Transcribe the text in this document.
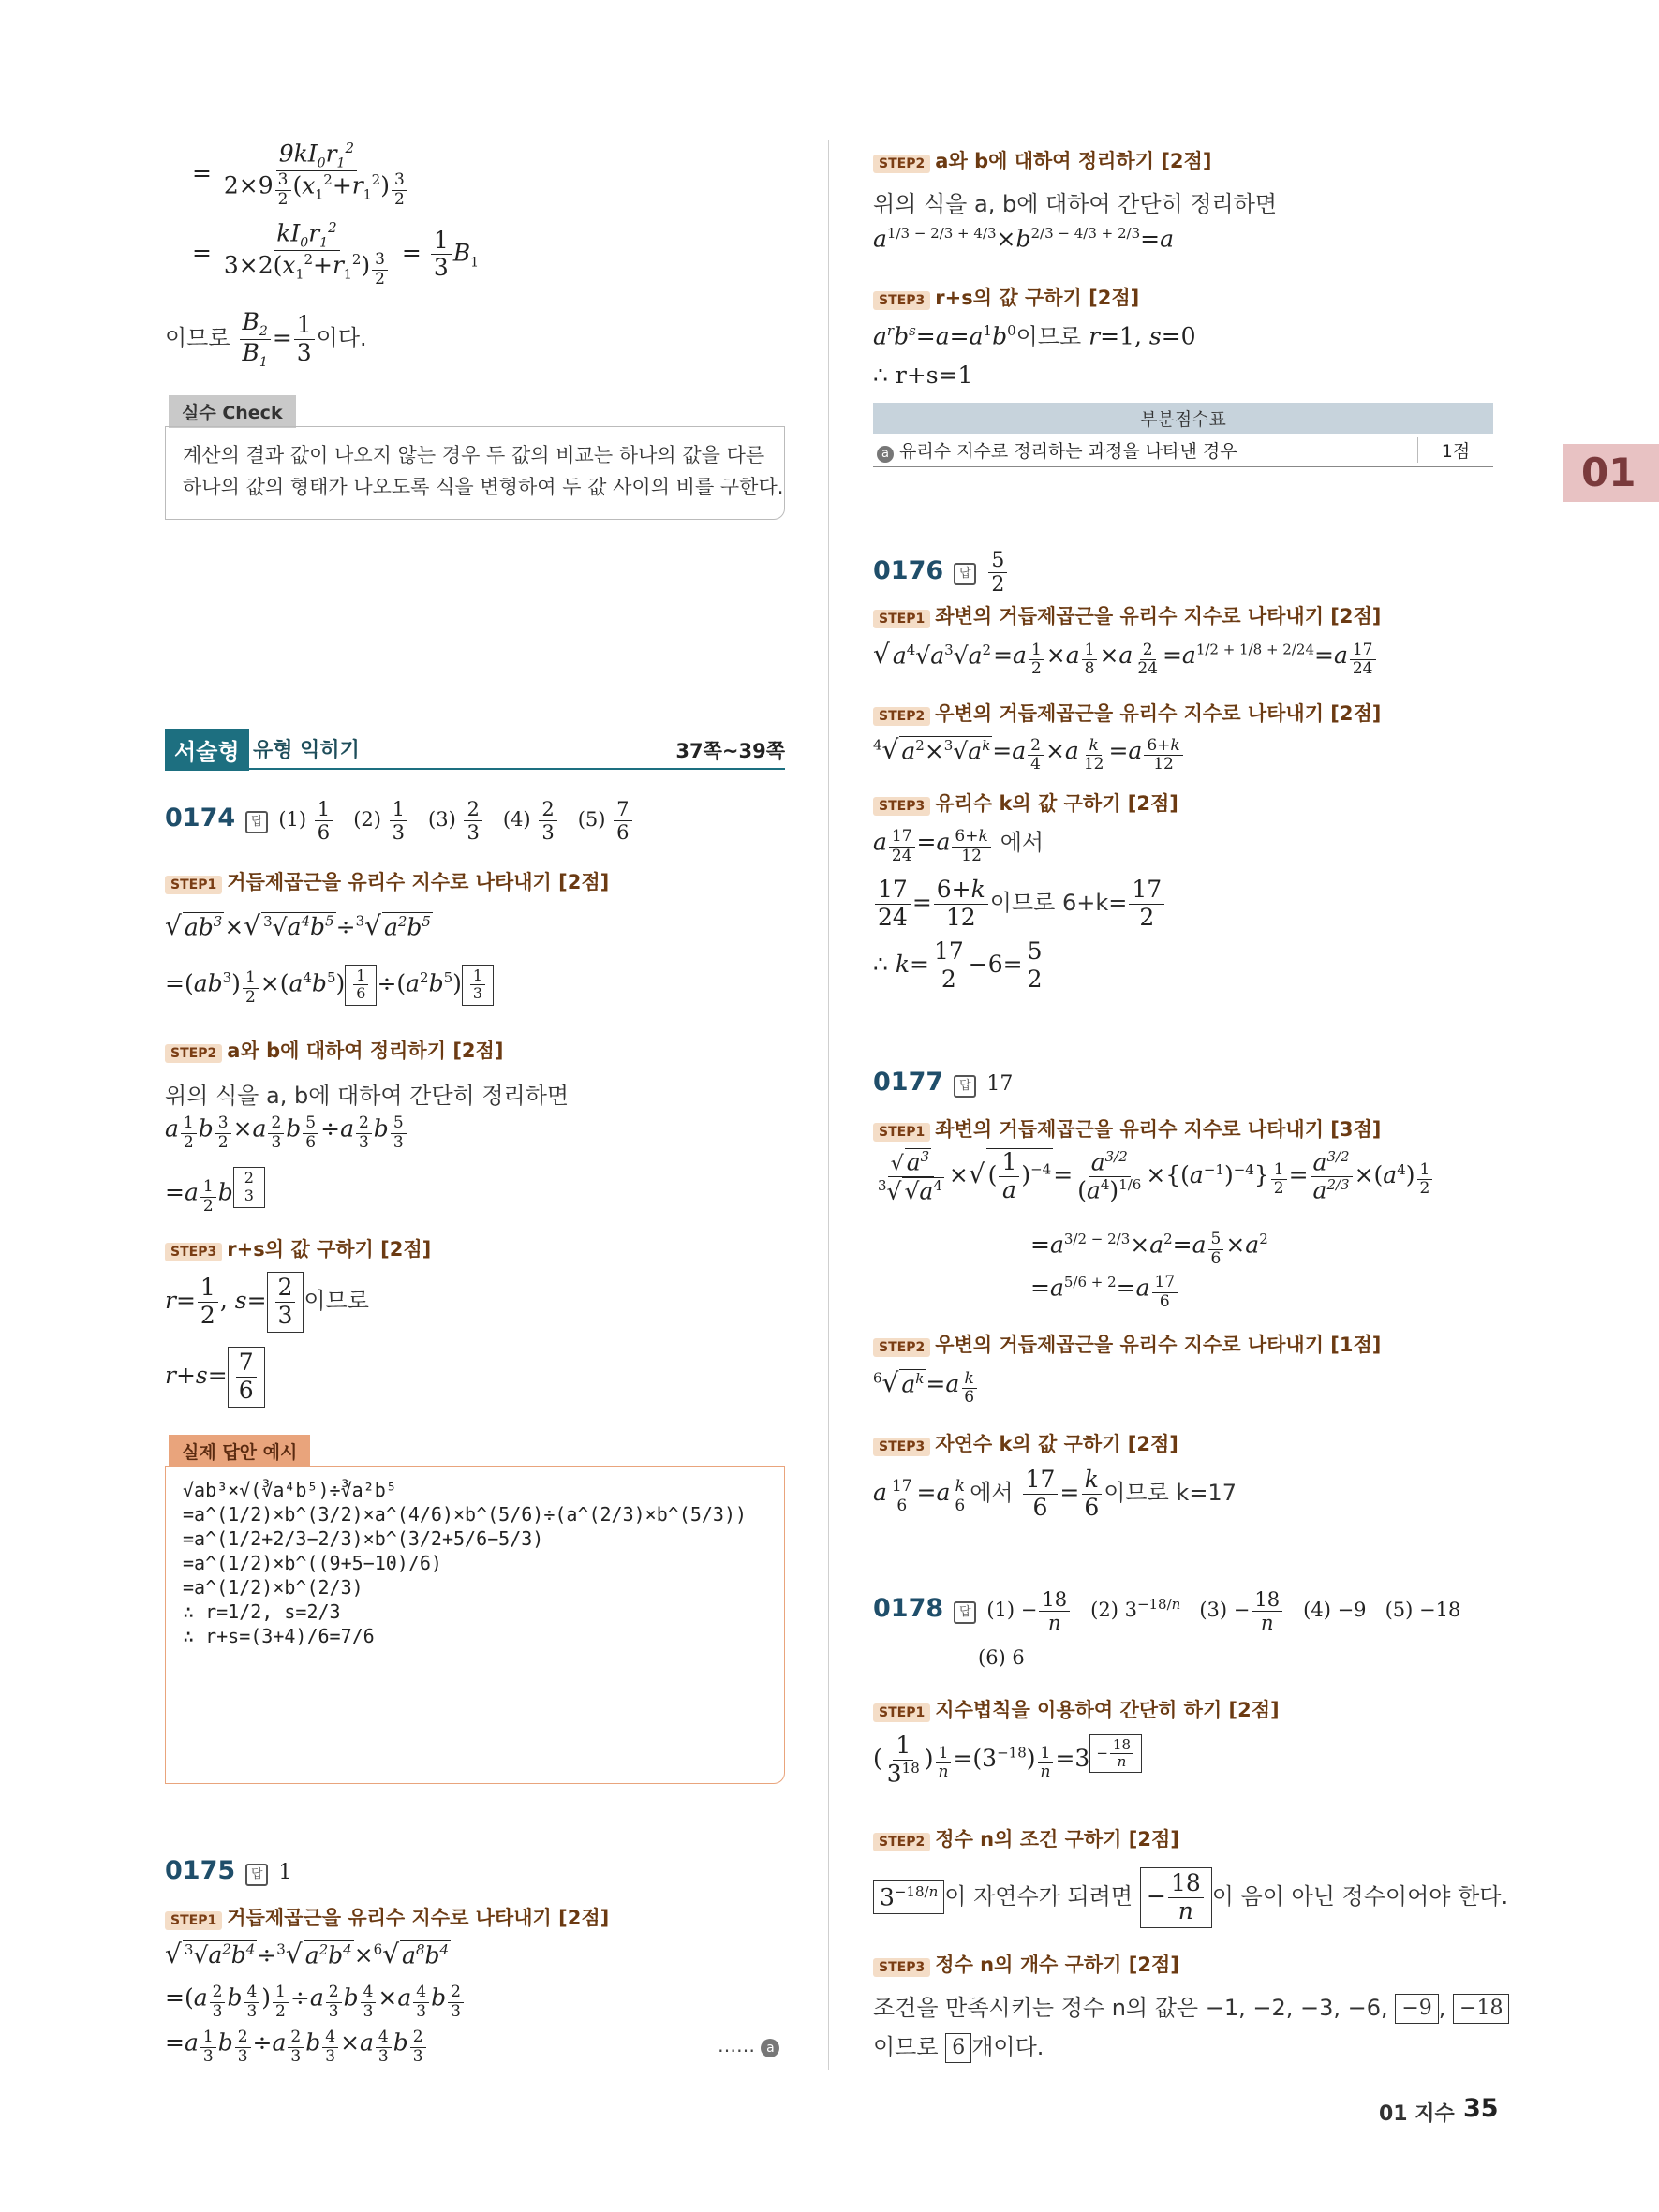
= $\frac{9kI_0r_1^2}{2\times 9 \frac{3}{2} (x_1^2+r_1^2) \frac{3}{2}}$
= $\frac{kI_0r_1^2}{3\times 2(x_1^2+r_1^2) \frac{3}{2}} = \frac{1}{3} B_1$
이므로 $\frac{B_2}{B_1} = \frac{1}{3}$ 이다.
실수 Check
계산의 결과 값이 나오지 않는 경우 두 값의 비교는 하나의 값을 다른
하나의 값의 형태가 나오도록 식을 변형하여 두 값 사이의 비를 구한다.
서술형 유형 익히기	37쪽~39쪽
0174 답 $(1) \frac{1}{6} (2) \frac{1}{3} (3) \frac{2}{3} (4) \frac{2}{3} (5) \frac{7}{6}$
STEP1 거듭제곱근을 유리수 지수로 나타내기 [2점]
√ $ab^3\times√$ $^3√a^4b^5\div^3√$ $a^2b^5$
$=(ab^3) \frac{1}{2} \times(a^4b^5) \frac{1}{6} \div(a^2b^5) \frac{1}{3}$
STEP2 a와 b에 대하여 정리하기 [2점]
위의 식을 a, b에 대하여 간단히 정리하면
a $\frac{1}{2}$ b $\frac{3}{2} \times a \frac{2}{3}$ b $\frac{5}{6} \div a \frac{2}{3}$ b $\frac{5}{3}$
$=a \frac{1}{2}$ b $\frac{2}{3}$
STEP3 r+s의 값 구하기 [2점]
$r= \frac{1}{2}$ , $s= \frac{2}{3}$ 이므로
$r+s= \frac{7}{6}$
실제 답안 예시
√ab³×√(∛a⁴b⁵)÷∛a²b⁵
=a^(1/2)×b^(3/2)×a^(4/6)×b^(5/6)÷(a^(2/3)×b^(5/3))
=a^(1/2+2/3−2/3)×b^(3/2+5/6−5/3)
=a^(1/2)×b^((9+5−10)/6)
=a^(1/2)×b^(2/3)
∴ r=1/2, s=2/3
∴ r+s=(3+4)/6=7/6
0175 답 1
STEP1 거듭제곱근을 유리수 지수로 나타내기 [2점]
√ $^3√a^2b^4\div^3√$ $a^2b^4\times^6√$ $a^8b^4$
$=(a \frac{2}{3}$ b $\frac{4}{3}$ ) $\frac{1}{2} \div a \frac{2}{3}$ b $\frac{4}{3} \times a \frac{4}{3}$ b $\frac{2}{3}$
$=a \frac{1}{3}$ b $\frac{2}{3} \div a \frac{2}{3}$ b $\frac{4}{3} \times a \frac{4}{3}$ b $\frac{2}{3}$	…… a
STEP2 a와 b에 대하여 정리하기 [2점]
위의 식을 a, b에 대하여 간단히 정리하면
$a^{1/3 - 2/3 + 4/3}\times b^{2/3 - 4/3 + 2/3}=a$
STEP3 r+s의 값 구하기 [2점]
$a^rb^s=a=a^1b^0$이므로 r=1, s=0
∴ r+s=1
부분점수표
a 유리수 지수로 정리하는 과정을 나타낸 경우	1점	01
0176 답 $\frac{5}{2}$
STEP1 좌변의 거듭제곱근을 유리수 지수로 나타내기 [2점]
√ $a^4√a^3√a^2=a \frac{1}{2} \times a \frac{1}{8} \times a \frac{2}{24} =a^{1/2 + 1/8 + 2/24}=a \frac{17}{24}$
STEP2 우변의 거듭제곱근을 유리수 지수로 나타내기 [2점]
$^4$√ $a^2\times^3√a^k=a \frac{2}{4} \times a \frac{k}{12} =a \frac{6+k}{12}$
STEP3 유리수 k의 값 구하기 [2점]
a $\frac{17}{24} =a \frac{6+k}{12}$ 에서
$\frac{17}{24} = \frac{6+k}{12}$ 이므로 $6+k= \frac{17}{2}$
∴ $k= \frac{17}{2} -6= \frac{5}{2}$
0177 답 17
STEP1 좌변의 거듭제곱근을 유리수 지수로 나타내기 [3점]
$\frac{√ a^3}{^3√ √a^4}$ ×√ ( $\frac{1}{a} )^{-4}= \frac{a^{3/2}}{(a^4)^{1/6}} \times\{(a^{-1})^{-4}\} \frac{1}{2} = \frac{a^{3/2}}{a^{2/3}} \times(a^4) \frac{1}{2}$
$=a^{3/2 - 2/3}\times a^2=a \frac{5}{6} \times a^2$
$=a^{5/6 + 2}=a \frac{17}{6}$
STEP2 우변의 거듭제곱근을 유리수 지수로 나타내기 [1점]
$^6$√ $a^k=a \frac{k}{6}$
STEP3 자연수 k의 값 구하기 [2점]
a $\frac{17}{6} =a \frac{k}{6}$ 에서 $\frac{17}{6} = \frac{k}{6}$ 이므로 k=17
0178 답 $(1) - \frac{18}{n} (2)$ $3^{-18/n}$ $(3) - \frac{18}{n} (4) -9$ (5) −18
(6) 6
STEP1 지수법칙을 이용하여 간단히 하기 [2점]
( $\frac{1}{3^{18}}$ ) $\frac{1}{n} =(3^{-18}) \frac{1}{n} =3 - \frac{18}{n}$
STEP2 정수 n의 조건 구하기 [2점]
$3^{-18/n}$ 이 자연수가 되려면 − $\frac{18}{n}$ 이 음이 아닌 정수이어야 한다.
STEP3 정수 n의 개수 구하기 [2점]
조건을 만족시키는 정수 n의 값은 −1, −2, −3, −6, −9 , −18
이므로 6 개이다.
01 지수 35
